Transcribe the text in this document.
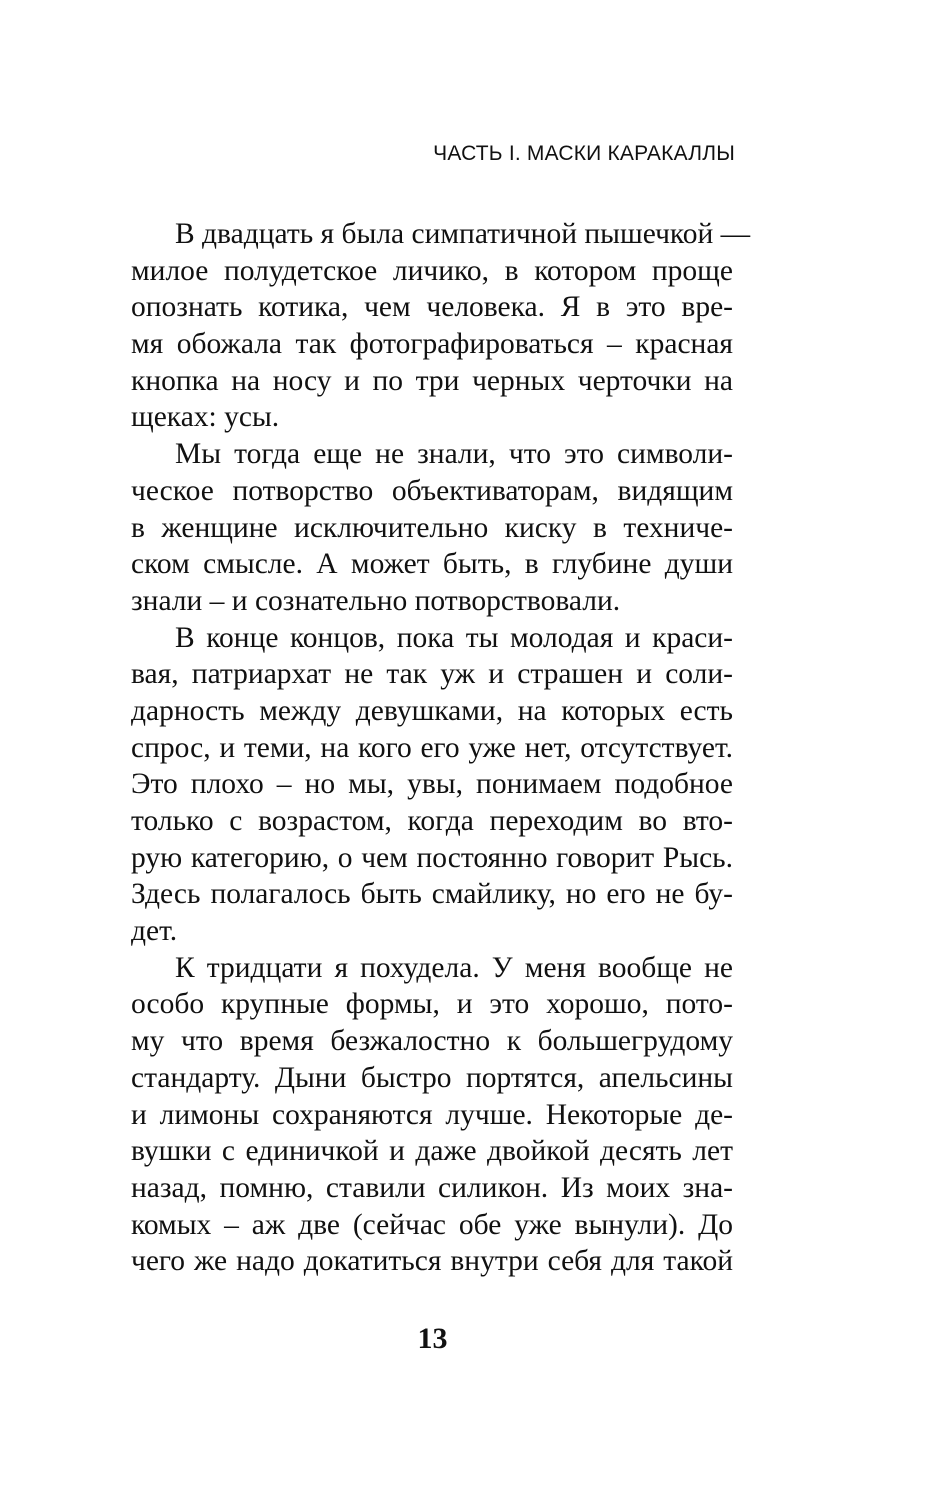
ЧАСТЬ I. МАСКИ КАРАКАЛЛЫ
В двадцать я была симпатичной пышечкой —
милое полудетское личико, в котором проще
опознать котика, чем человека. Я в это вре-
мя обожала так фотографироваться – красная
кнопка на носу и по три черных черточки на
щеках: усы.
Мы тогда еще не знали, что это символи-
ческое потворство объективаторам, видящим
в женщине исключительно киску в техниче-
ском смысле. А может быть, в глубине души
знали – и сознательно потворствовали.
В конце концов, пока ты молодая и краси-
вая, патриархат не так уж и страшен и соли-
дарность между девушками, на которых есть
спрос, и теми, на кого его уже нет, отсутствует.
Это плохо – но мы, увы, понимаем подобное
только с возрастом, когда переходим во вто-
рую категорию, о чем постоянно говорит Рысь.
Здесь полагалось быть смайлику, но его не бу-
дет.
К тридцати я похудела. У меня вообще не
особо крупные формы, и это хорошо, пото-
му что время безжалостно к большегрудому
стандарту. Дыни быстро портятся, апельсины
и лимоны сохраняются лучше. Некоторые де-
вушки с единичкой и даже двойкой десять лет
назад, помню, ставили силикон. Из моих зна-
комых – аж две (сейчас обе уже вынули). До
чего же надо докатиться внутри себя для такой
13
